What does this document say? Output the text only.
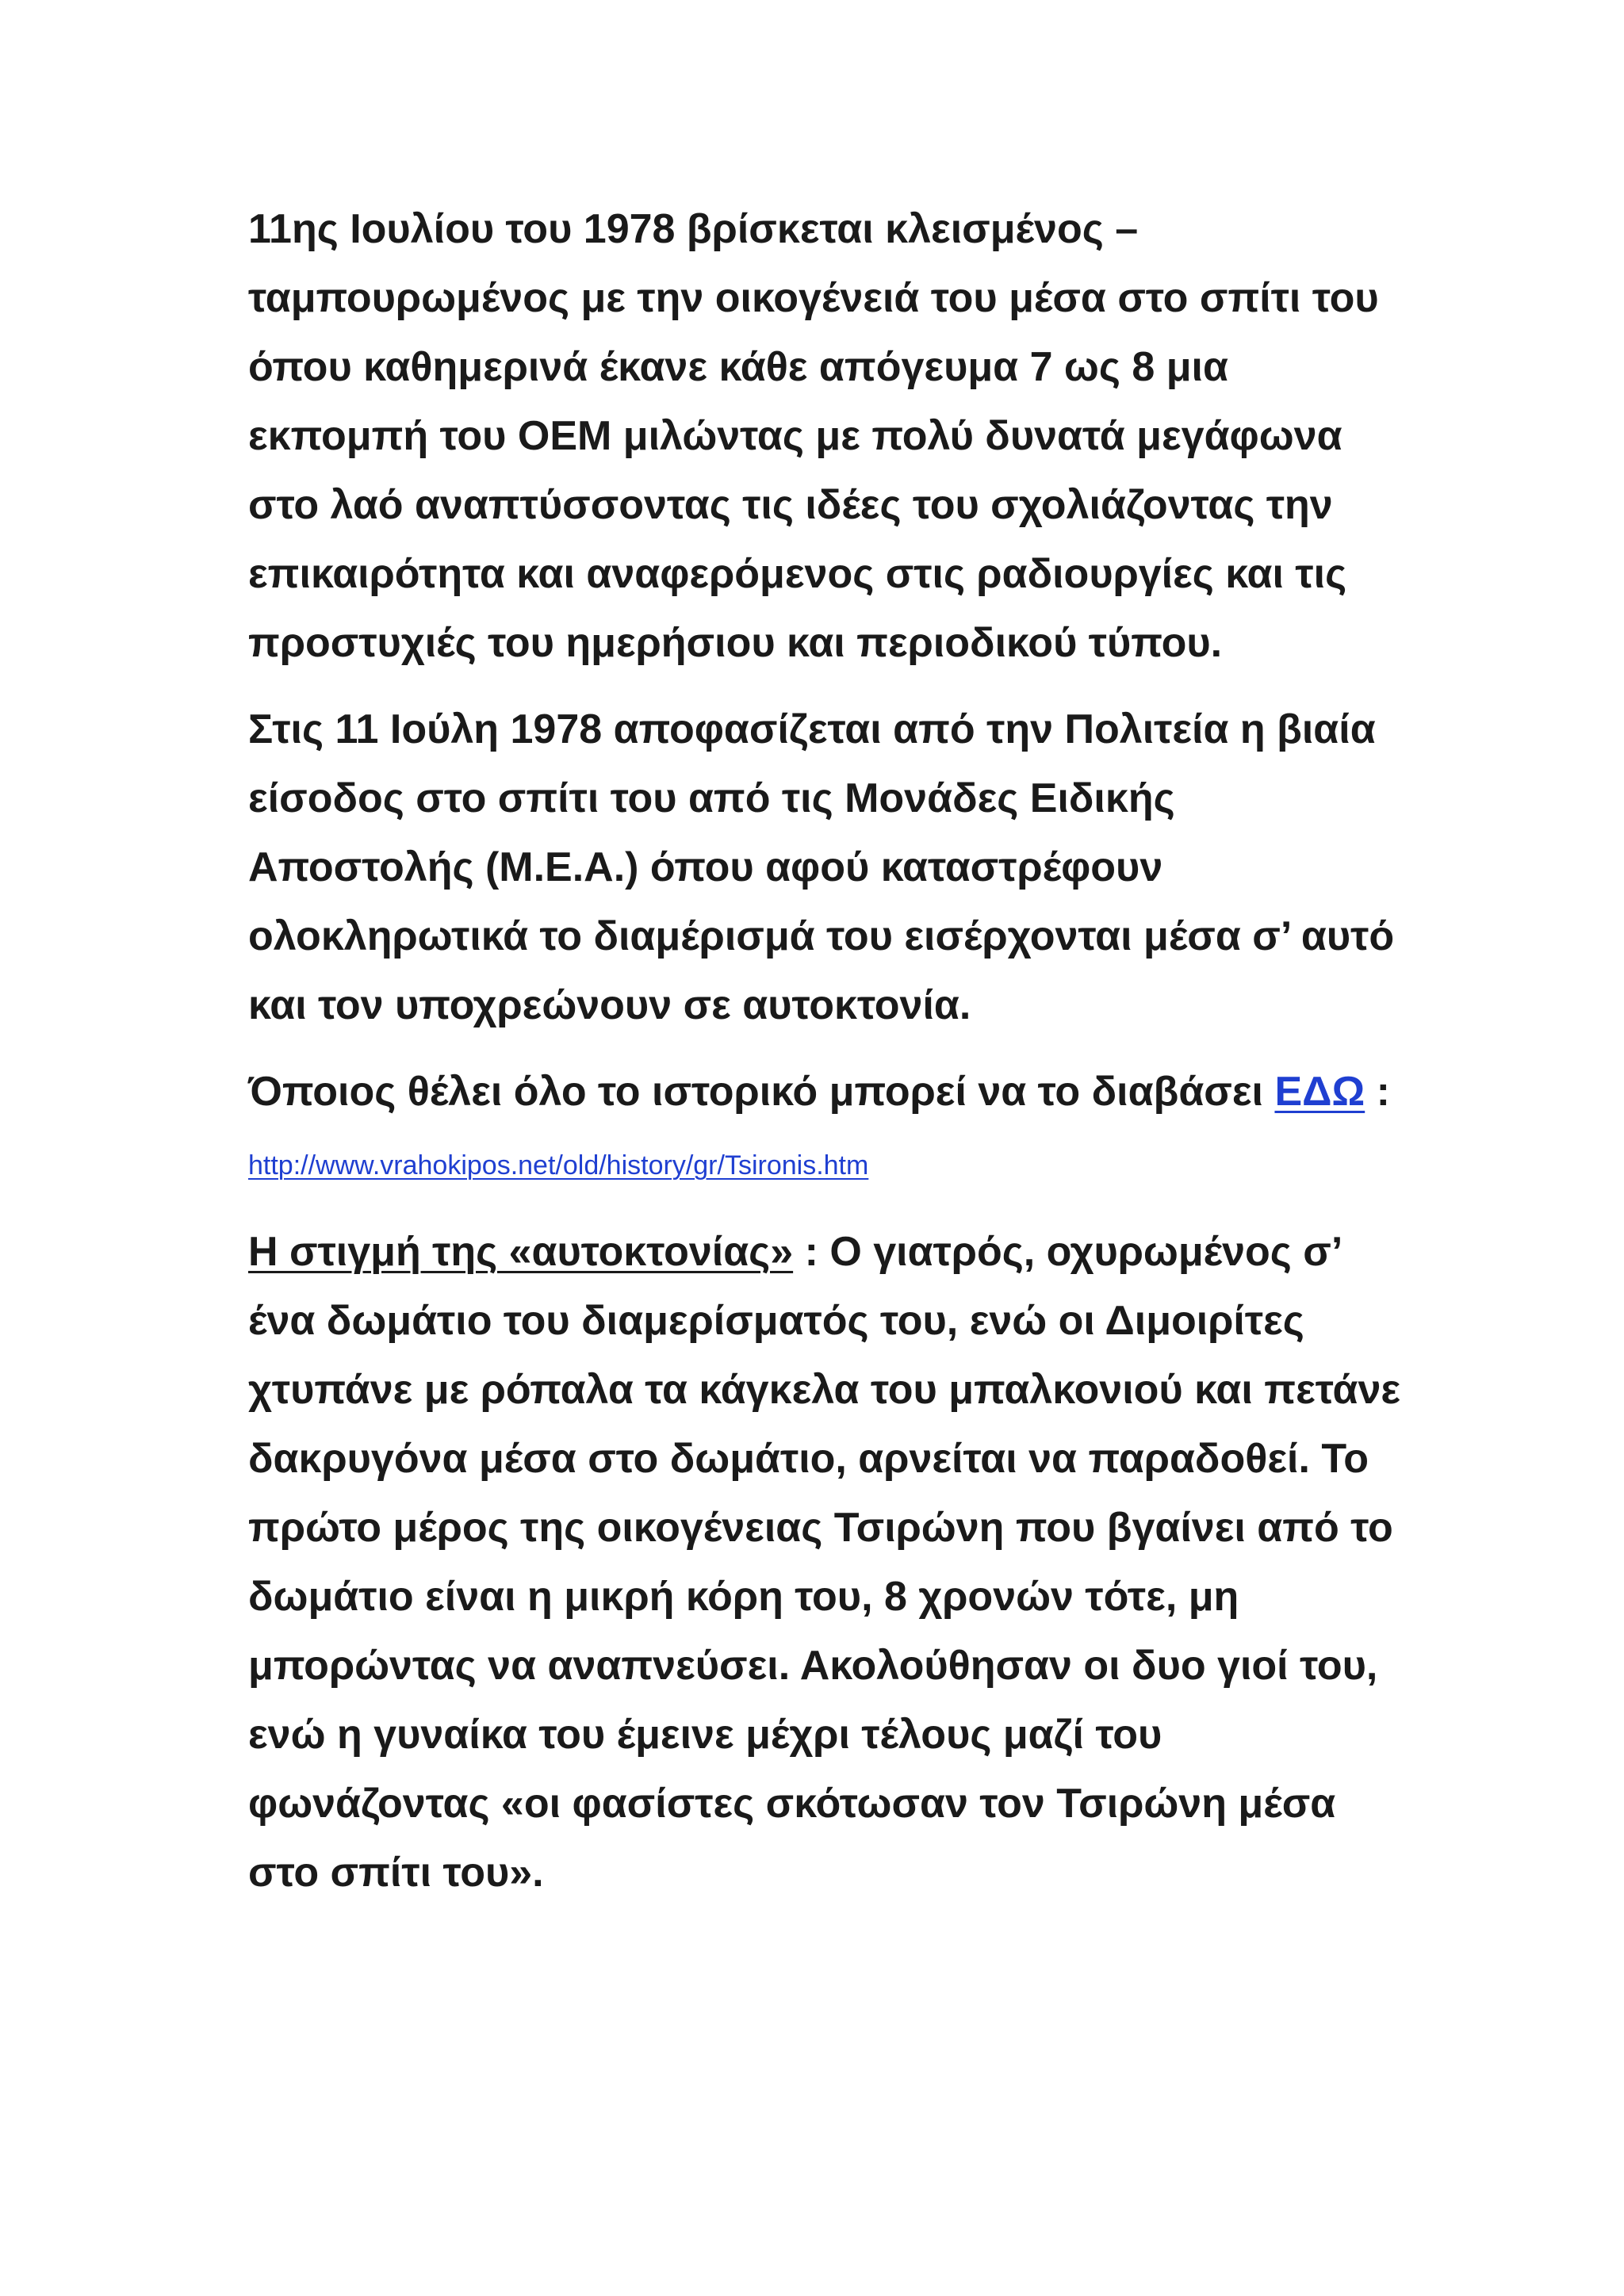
11ης Ιουλίου του 1978 βρίσκεται κλεισμένος – ταμπουρωμένος με την οικογένειά του μέσα στο σπίτι του όπου καθημερινά έκανε κάθε απόγευμα 7 ως 8 μια εκπομπή του ΟΕΜ μιλώντας με πολύ δυνατά μεγάφωνα στο λαό αναπτύσσοντας τις ιδέες του σχολιάζοντας την επικαιρότητα και αναφερόμενος στις ραδιουργίες και τις προστυχιές του ημερήσιου και περιοδικού τύπου.

Στις 11 Ιούλη 1978 αποφασίζεται από την Πολιτεία η βιαία είσοδος στο σπίτι του από τις Μονάδες Ειδικής Αποστολής (Μ.Ε.Α.) όπου αφού καταστρέφουν ολοκληρωτικά το διαμέρισμά του εισέρχονται μέσα σ’ αυτό και τον υποχρεώνουν σε αυτοκτονία.

Όποιος θέλει όλο το ιστορικό μπορεί να το διαβάσει ΕΔΩ : http://www.vrahokipos.net/old/history/gr/Tsironis.htm

Η στιγμή της «αυτοκτονίας» : Ο γιατρός, οχυρωμένος σ’ ένα δωμάτιο του διαμερίσματός του, ενώ οι Διμοιρίτες χτυπάνε με ρόπαλα τα κάγκελα του μπαλκονιού και πετάνε δακρυγόνα μέσα στο δωμάτιο, αρνείται να παραδοθεί. Το πρώτο μέρος της οικογένειας Τσιρώνη που βγαίνει από το δωμάτιο είναι η μικρή κόρη του, 8 χρονών τότε, μη μπορώντας να αναπνεύσει. Ακολούθησαν οι δυο γιοί του, ενώ η γυναίκα του έμεινε μέχρι τέλους μαζί του φωνάζοντας «οι φασίστες σκότωσαν τον Τσιρώνη μέσα στο σπίτι του».
